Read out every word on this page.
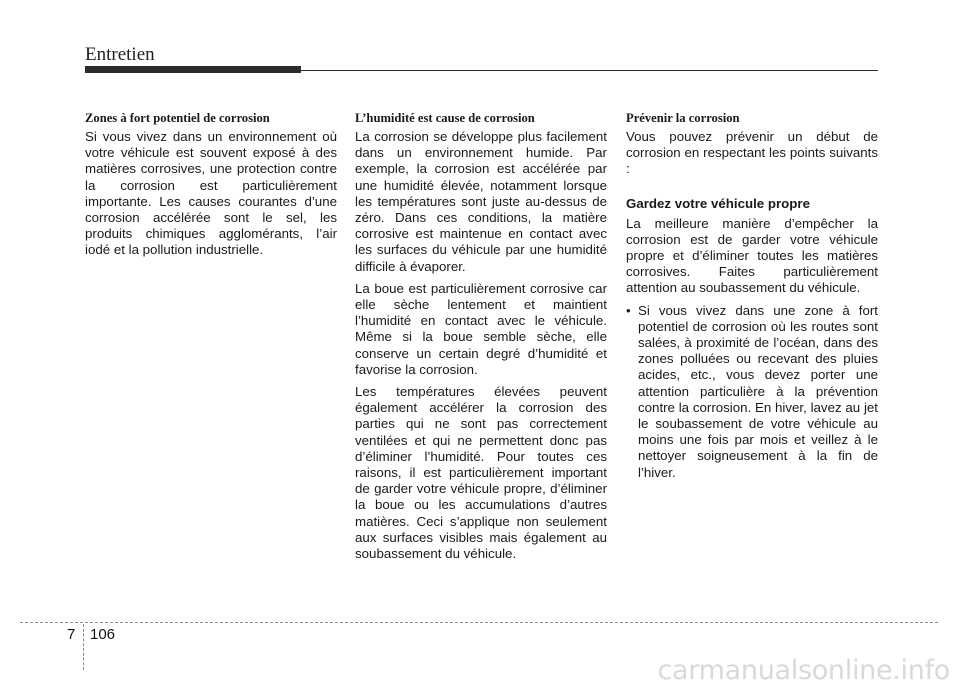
Entretien
Zones à fort potentiel de corrosion

Si vous vivez dans un environnement où votre véhicule est souvent exposé à des matières corrosives, une protection contre la corrosion est particulièrement importante. Les causes courantes d’une corrosion accélérée sont le sel, les produits chimiques agglomérants, l’air iodé et la pollution industrielle.

L’humidité est cause de corrosion

La corrosion se développe plus facilement dans un environnement humide. Par exemple, la corrosion est accélérée par une humidité élevée, notamment lorsque les températures sont juste au-dessus de zéro. Dans ces conditions, la matière corrosive est maintenue en contact avec les surfaces du véhicule par une humidité difficile à évaporer.

La boue est particulièrement corrosive car elle sèche lentement et maintient l’humidité en contact avec le véhicule. Même si la boue semble sèche, elle conserve un certain degré d’humidité et favorise la corrosion.

Les températures élevées peuvent également accélérer la corrosion des parties qui ne sont pas correctement ventilées et qui ne permettent donc pas d’éliminer l’humidité. Pour toutes ces raisons, il est particulièrement important de garder votre véhicule propre, d’éliminer la boue ou les accumulations d’autres matières. Ceci s’applique non seulement aux surfaces visibles mais également au soubassement du véhicule.

Prévenir la corrosion

Vous pouvez prévenir un début de corrosion en respectant les points suivants :

Gardez votre véhicule propre

La meilleure manière d’empêcher la corrosion est de garder votre véhicule propre et d’éliminer toutes les matières corrosives. Faites particulièrement attention au soubassement du véhicule.

• Si vous vivez dans une zone à fort potentiel de corrosion où les routes sont salées, à proximité de l’océan, dans des zones polluées ou recevant des pluies acides, etc., vous devez porter une attention particulière à la prévention contre la corrosion. En hiver, lavez au jet le soubassement de votre véhicule au moins une fois par mois et veillez à le nettoyer soigneusement à la fin de l’hiver.
7 106
carmanualsonline.info
